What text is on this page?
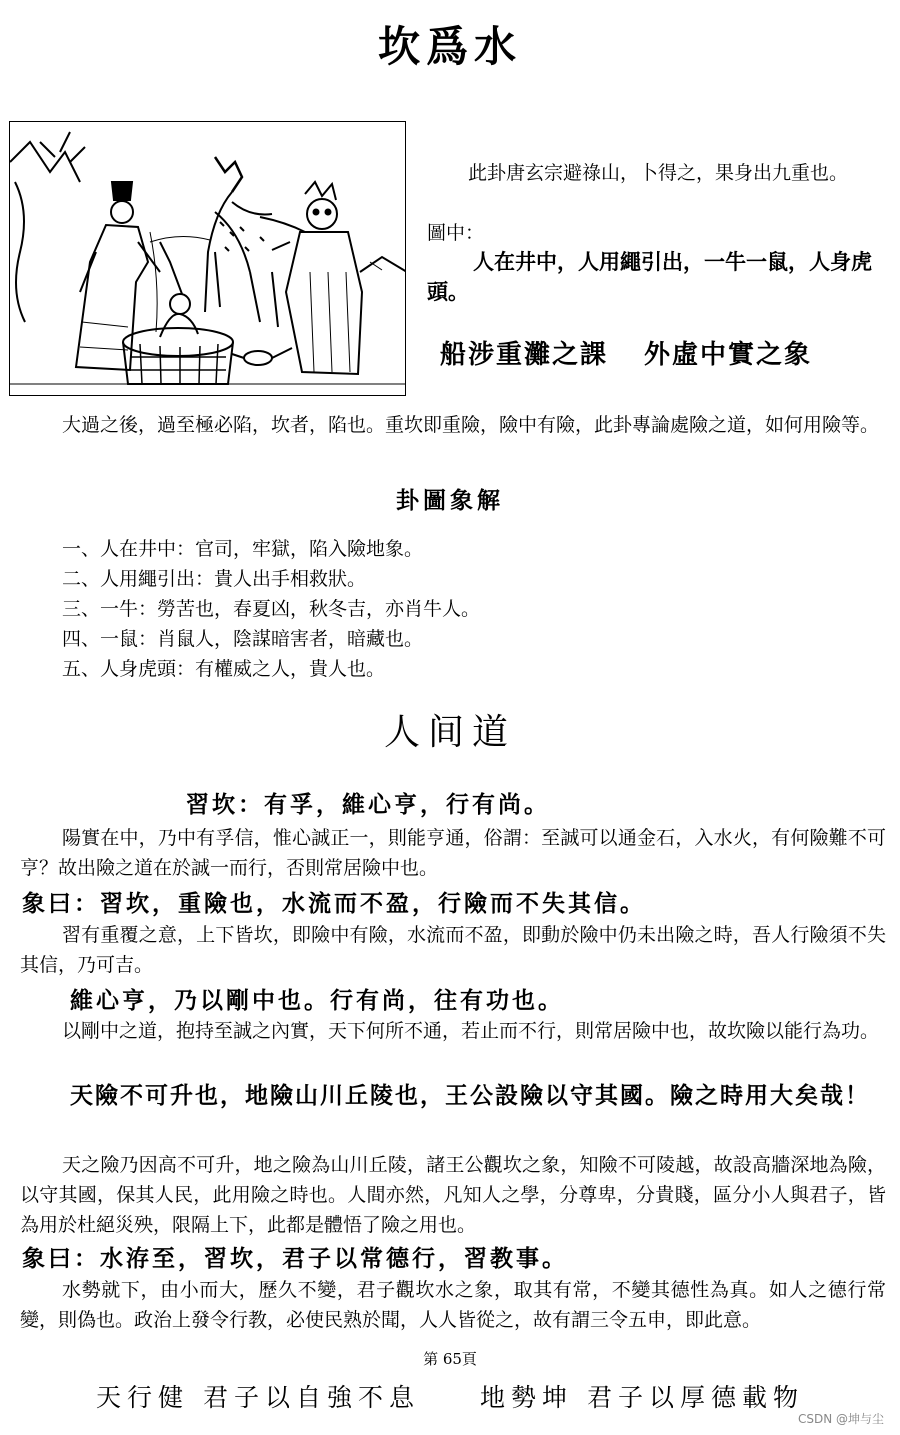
坎爲水
此卦唐玄宗避祿山，卜得之，果身出九重也。
圖中：
人在井中，人用繩引出，一牛一鼠，人身虎頭。
船涉重灘之課 外虛中實之象
大過之後，過至極必陷，坎者，陷也。重坎即重險，險中有險，此卦專論處險之道，如何用險等。
卦圖象解
一、人在井中：官司，牢獄，陷入險地象。
二、人用繩引出：貴人出手相救狀。
三、一牛：勞苦也，春夏凶，秋冬吉，亦肖牛人。
四、一鼠：肖鼠人，陰謀暗害者，暗藏也。
五、人身虎頭：有權威之人，貴人也。
人间道
習坎：有孚，維心亨，行有尚。
陽實在中，乃中有孚信，惟心誠正一，則能亨通，俗謂：至誠可以通金石，入水火，有何險難不可亨？故出險之道在於誠一而行，否則常居險中也。
象曰：習坎，重險也，水流而不盈，行險而不失其信。
習有重覆之意，上下皆坎，即險中有險，水流而不盈，即動於險中仍未出險之時，吾人行險須不失其信，乃可吉。
維心亨，乃以剛中也。行有尚，往有功也。
以剛中之道，抱持至誠之內實，天下何所不通，若止而不行，則常居險中也，故坎險以能行為功。
天險不可升也，地險山川丘陵也，王公設險以守其國。險之時用大矣哉！
天之險乃因高不可升，地之險為山川丘陵，諸王公觀坎之象，知險不可陵越，故設高牆深地為險，以守其國，保其人民，此用險之時也。人間亦然，凡知人之學，分尊卑，分貴賤，區分小人與君子，皆為用於杜絕災殃，限隔上下，此都是體悟了險之用也。
象曰：水洊至，習坎，君子以常德行，習教事。
水勢就下，由小而大，歷久不變，君子觀坎水之象，取其有常，不變其德性為真。如人之德行常變，則偽也。政治上發令行教，必使民熟於聞，人人皆從之，故有謂三令五申，即此意。
第 65頁
天行健 君子以自強不息 地勢坤 君子以厚德載物
CSDN @坤与尘
